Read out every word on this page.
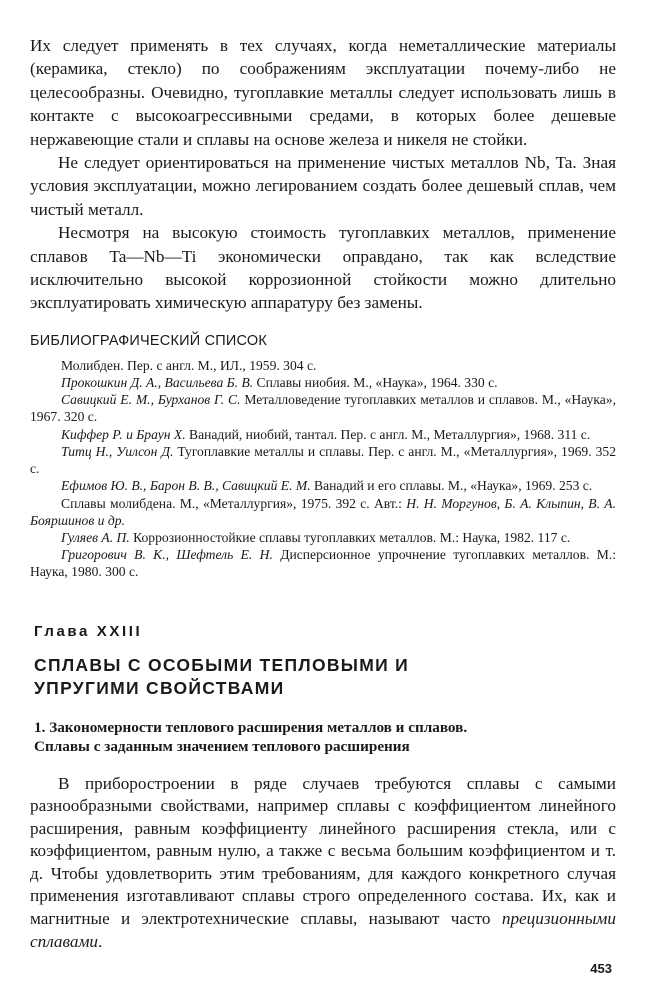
Их следует применять в тех случаях, когда неметаллические материалы (керамика, стекло) по соображениям эксплуатации почему-либо не целесообразны. Очевидно, тугоплавкие металлы следует использовать лишь в контакте с высокоагрессивными средами, в которых более дешевые нержавеющие стали и сплавы на основе железа и никеля не стойки.

Не следует ориентироваться на применение чистых металлов Nb, Ta. Зная условия эксплуатации, можно легированием создать более дешевый сплав, чем чистый металл.

Несмотря на высокую стоимость тугоплавких металлов, применение сплавов Ta—Nb—Ti экономически оправдано, так как вследствие исключительно высокой коррозионной стойкости можно длительно эксплуатировать химическую аппаратуру без замены.

БИБЛИОГРАФИЧЕСКИЙ СПИСОК
Молибден. Пер. с англ. М., ИЛ., 1959. 304 с.
Прокошкин Д. А., Васильева Б. В. Сплавы ниобия. М., «Наука», 1964. 330 с.
Савицкий Е. М., Бурханов Г. С. Металловедение тугоплавких металлов и сплавов. М., «Наука», 1967. 320 с.
Киффер Р. и Браун Х. Ванадий, ниобий, тантал. Пер. с англ. М., Металлургия», 1968. 311 с.
Титц Н., Уилсон Д. Тугоплавкие металлы и сплавы. Пер. с англ. М., «Металлургия», 1969. 352 с.
Ефимов Ю. В., Барон В. В., Савицкий Е. М. Ванадий и его сплавы. М., «Наука», 1969. 253 с.
Сплавы молибдена. М., «Металлургия», 1975. 392 с. Авт.: Н. Н. Моргунов, Б. А. Клыпин, В. А. Бояршинов и др.
Гуляев А. П. Коррозионностойкие сплавы тугоплавких металлов. М.: Наука, 1982. 117 с.
Григорович В. К., Шефтель Е. Н. Дисперсионное упрочнение тугоплавких металлов. М.: Наука, 1980. 300 с.
Глава XXIII
СПЛАВЫ С ОСОБЫМИ ТЕПЛОВЫМИ И УПРУГИМИ СВОЙСТВАМИ
1. Закономерности теплового расширения металлов и сплавов. Сплавы с заданным значением теплового расширения

В приборостроении в ряде случаев требуются сплавы с самыми разнообразными свойствами, например сплавы с коэффициентом линейного расширения, равным коэффициенту линейного расширения стекла, или с коэффициентом, равным нулю, а также с весьма большим коэффициентом и т. д. Чтобы удовлетворить этим требованиям, для каждого конкретного случая применения изготавливают сплавы строго определенного состава. Их, как и магнитные и электротехнические сплавы, называют часто прецизионными сплавами.

453
